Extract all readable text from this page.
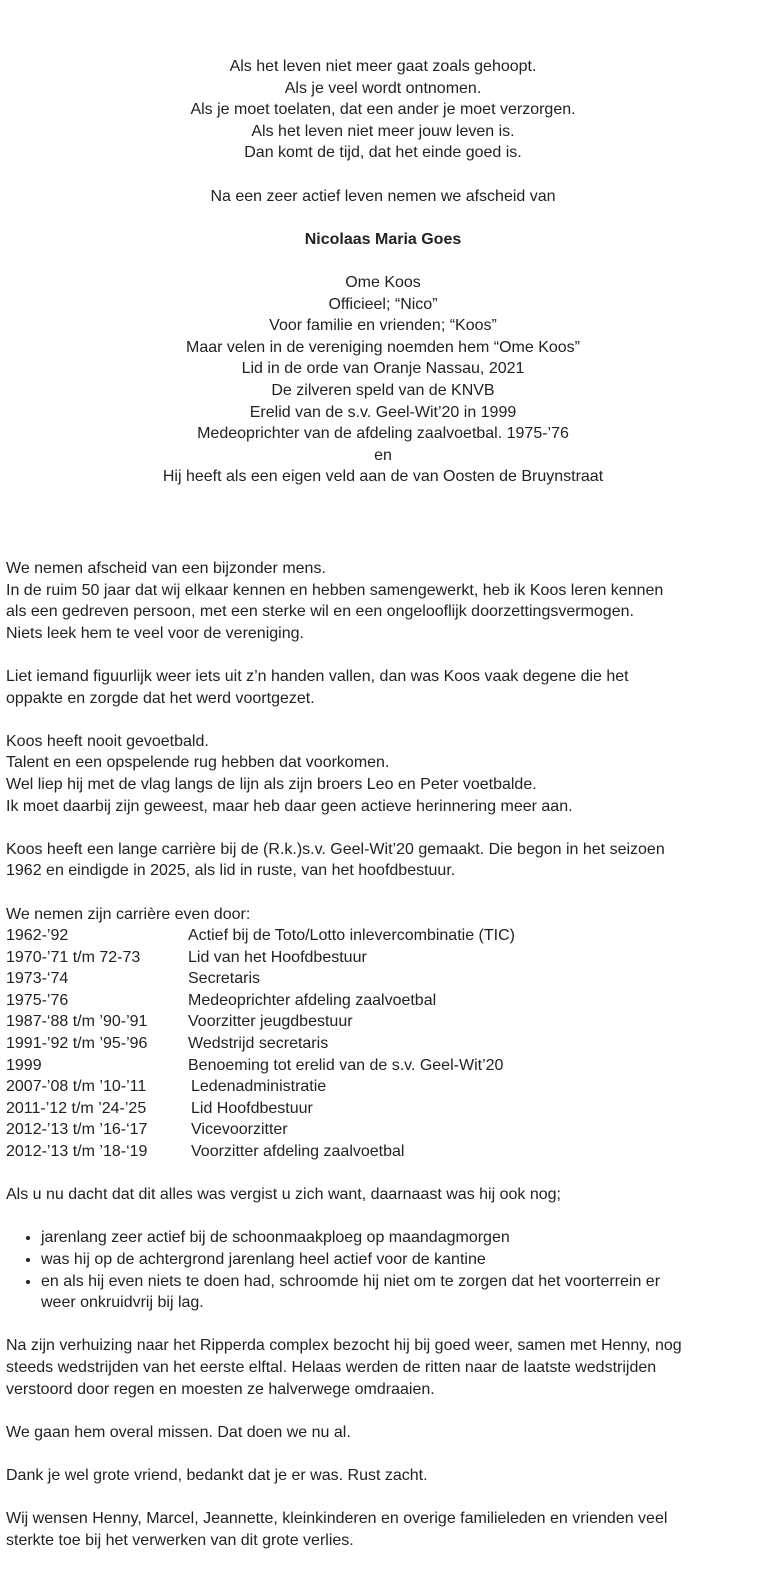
Als het leven niet meer gaat zoals gehoopt.
Als je veel wordt ontnomen.
Als je moet toelaten, dat een ander je moet verzorgen.
Als het leven niet meer jouw leven is.
Dan komt de tijd, dat het einde goed is.
Na een zeer actief leven nemen we afscheid van
Nicolaas Maria Goes
Ome Koos
Officieel; “Nico”
Voor familie en vrienden; “Koos”
Maar velen in de vereniging noemden hem “Ome Koos”
Lid in de orde van Oranje Nassau, 2021
De zilveren speld van de KNVB
Erelid van de s.v. Geel-Wit’20 in 1999
Medeoprichter van de afdeling zaalvoetbal. 1975-’76
en
Hij heeft als een eigen veld aan de van Oosten de Bruynstraat

We nemen afscheid van een bijzonder mens.
In de ruim 50 jaar dat wij elkaar kennen en hebben samengewerkt, heb ik Koos leren kennen
als een gedreven persoon, met een sterke wil en een ongelooflijk doorzettingsvermogen.
Niets leek hem te veel voor de vereniging.

Liet iemand figuurlijk weer iets uit z’n handen vallen, dan was Koos vaak degene die het
oppakte en zorgde dat het werd voortgezet.

Koos heeft nooit gevoetbald.
Talent en een opspelende rug hebben dat voorkomen.
Wel liep hij met de vlag langs de lijn als zijn broers Leo en Peter voetbalde.
Ik moet daarbij zijn geweest, maar heb daar geen actieve herinnering meer aan.

Koos heeft een lange carrière bij de (R.k.)s.v. Geel-Wit’20 gemaakt. Die begon in het seizoen
1962 en eindigde in 2025, als lid in ruste, van het hoofdbestuur.

We nemen zijn carrière even door:
1962-’92	Actief bij de Toto/Lotto inlevercombinatie (TIC)
1970-’71 t/m 72-73	Lid van het Hoofdbestuur
1973-‘74	Secretaris
1975-’76	Medeoprichter afdeling zaalvoetbal
1987-‘88 t/m ’90-’91	Voorzitter jeugdbestuur
1991-’92 t/m ’95-’96	Wedstrijd secretaris
1999	Benoeming tot erelid van de s.v. Geel-Wit’20
2007-’08 t/m ’10-’11	Ledenadministratie
2011-’12 t/m ’24-’25	Lid Hoofdbestuur
2012-’13 t/m ’16-‘17	Vicevoorzitter
2012-’13 t/m ’18-‘19	Voorzitter afdeling zaalvoetbal

Als u nu dacht dat dit alles was vergist u zich want, daarnaast was hij ook nog;

• jarenlang zeer actief bij de schoonmaakploeg op maandagmorgen
• was hij op de achtergrond jarenlang heel actief voor de kantine
• en als hij even niets te doen had, schroomde hij niet om te zorgen dat het voorterrein er
weer onkruidvrij bij lag.

Na zijn verhuizing naar het Ripperda complex bezocht hij bij goed weer, samen met Henny, nog
steeds wedstrijden van het eerste elftal. Helaas werden de ritten naar de laatste wedstrijden
verstoord door regen en moesten ze halverwege omdraaien.

We gaan hem overal missen. Dat doen we nu al.

Dank je wel grote vriend, bedankt dat je er was. Rust zacht.

Wij wensen Henny, Marcel, Jeannette, kleinkinderen en overige familieleden en vrienden veel
sterkte toe bij het verwerken van dit grote verlies.
